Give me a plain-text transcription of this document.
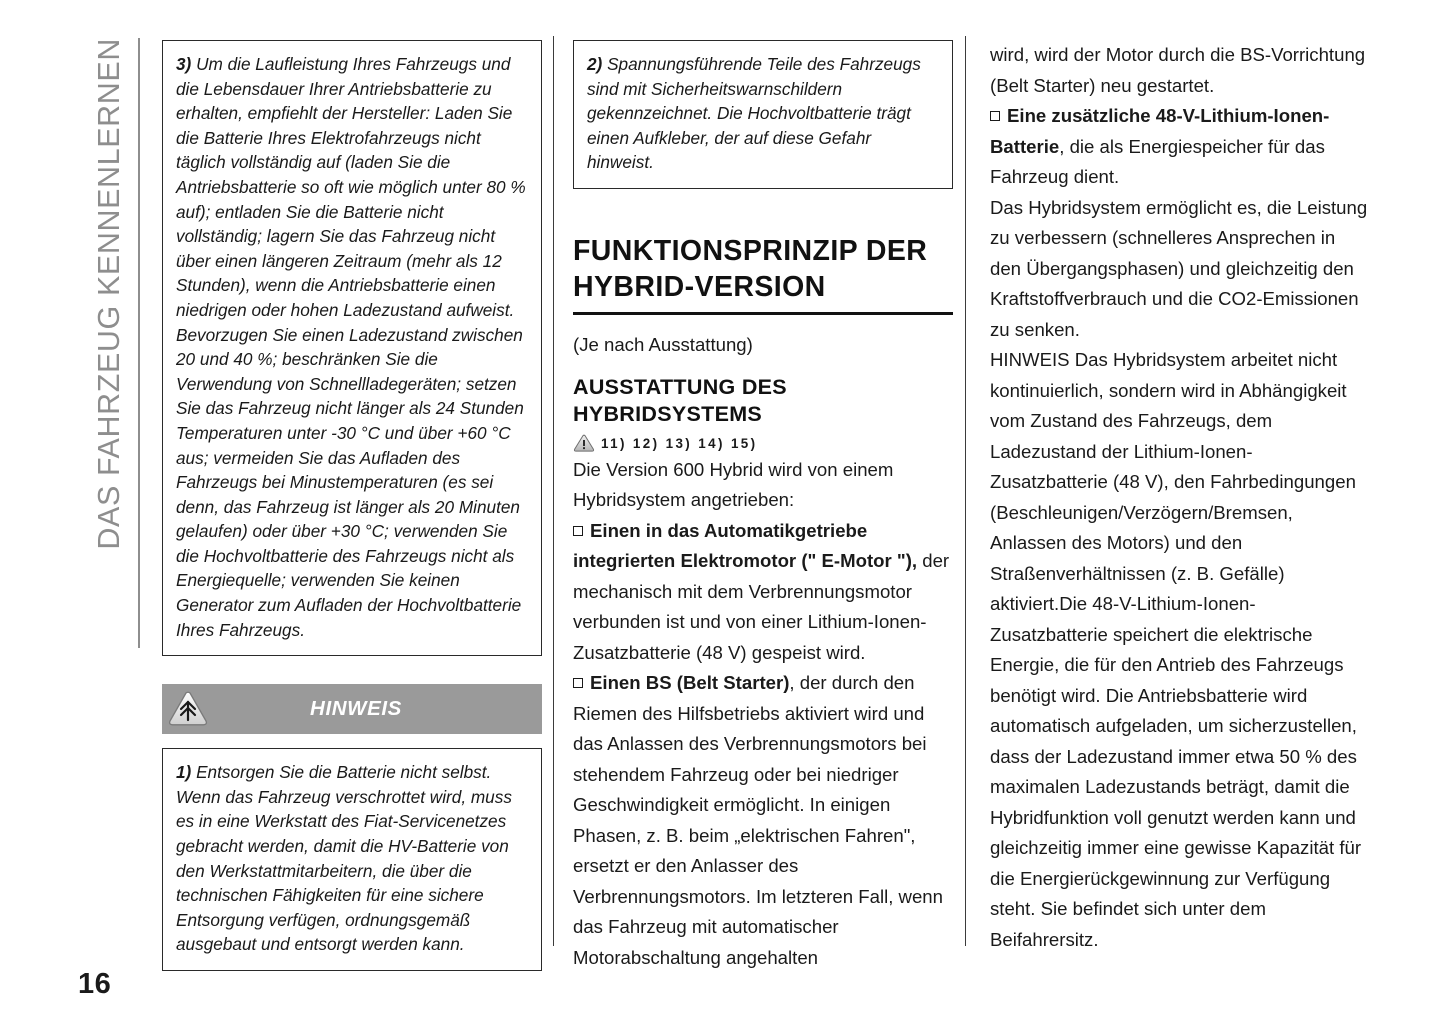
DAS FAHRZEUG KENNENLERNEN
16

3) Um die Laufleistung Ihres Fahrzeugs und die Lebensdauer Ihrer Antriebsbatterie zu erhalten, empfiehlt der Hersteller: Laden Sie die Batterie Ihres Elektrofahrzeugs nicht täglich vollständig auf (laden Sie die Antriebsbatterie so oft wie möglich unter 80 % auf); entladen Sie die Batterie nicht vollständig; lagern Sie das Fahrzeug nicht über einen längeren Zeitraum (mehr als 12 Stunden), wenn die Antriebsbatterie einen niedrigen oder hohen Ladezustand aufweist. Bevorzugen Sie einen Ladezustand zwischen 20 und 40 %; beschränken Sie die Verwendung von Schnellladegeräten; setzen Sie das Fahrzeug nicht länger als 24 Stunden Temperaturen unter -30 °C und über +60 °C aus; vermeiden Sie das Aufladen des Fahrzeugs bei Minustemperaturen (es sei denn, das Fahrzeug ist länger als 20 Minuten gelaufen) oder über +30 °C; verwenden Sie die Hochvoltbatterie des Fahrzeugs nicht als Energiequelle; verwenden Sie keinen Generator zum Aufladen der Hochvoltbatterie Ihres Fahrzeugs.

HINWEIS

1) Entsorgen Sie die Batterie nicht selbst. Wenn das Fahrzeug verschrottet wird, muss es in eine Werkstatt des Fiat-Servicenetzes gebracht werden, damit die HV-Batterie von den Werkstattmitarbeitern, die über die technischen Fähigkeiten für eine sichere Entsorgung verfügen, ordnungsgemäß ausgebaut und entsorgt werden kann.

2) Spannungsführende Teile des Fahrzeugs sind mit Sicherheitswarnschildern gekennzeichnet. Die Hochvoltbatterie trägt einen Aufkleber, der auf diese Gefahr hinweist.

FUNKTIONSPRINZIP DER HYBRID-VERSION

(Je nach Ausstattung)

AUSSTATTUNG DES HYBRIDSYSTEMS
11) 12) 13) 14) 15)

Die Version 600 Hybrid wird von einem Hybridsystem angetrieben:

Einen in das Automatikgetriebe integrierten Elektromotor (" E-Motor "), der mechanisch mit dem Verbrennungsmotor verbunden ist und von einer Lithium-Ionen-Zusatzbatterie (48 V) gespeist wird.

Einen BS (Belt Starter), der durch den Riemen des Hilfsbetriebs aktiviert wird und das Anlassen des Verbrennungsmotors bei stehendem Fahrzeug oder bei niedriger Geschwindigkeit ermöglicht. In einigen Phasen, z. B. beim „elektrischen Fahren", ersetzt er den Anlasser des Verbrennungsmotors. Im letzteren Fall, wenn das Fahrzeug mit automatischer Motorabschaltung angehalten

wird, wird der Motor durch die BS-Vorrichtung (Belt Starter) neu gestartet.

Eine zusätzliche 48-V-Lithium-Ionen-Batterie, die als Energiespeicher für das Fahrzeug dient.

Das Hybridsystem ermöglicht es, die Leistung zu verbessern (schnelleres Ansprechen in den Übergangsphasen) und gleichzeitig den Kraftstoffverbrauch und die CO2-Emissionen zu senken.

HINWEIS Das Hybridsystem arbeitet nicht kontinuierlich, sondern wird in Abhängigkeit vom Zustand des Fahrzeugs, dem Ladezustand der Lithium-Ionen-Zusatzbatterie (48 V), den Fahrbedingungen (Beschleunigen/Verzögern/Bremsen, Anlassen des Motors) und den Straßenverhältnissen (z. B. Gefälle) aktiviert.Die 48-V-Lithium-Ionen-Zusatzbatterie speichert die elektrische Energie, die für den Antrieb des Fahrzeugs benötigt wird. Die Antriebsbatterie wird automatisch aufgeladen, um sicherzustellen, dass der Ladezustand immer etwa 50 % des maximalen Ladezustands beträgt, damit die Hybridfunktion voll genutzt werden kann und gleichzeitig immer eine gewisse Kapazität für die Energierückgewinnung zur Verfügung steht. Sie befindet sich unter dem Beifahrersitz.
